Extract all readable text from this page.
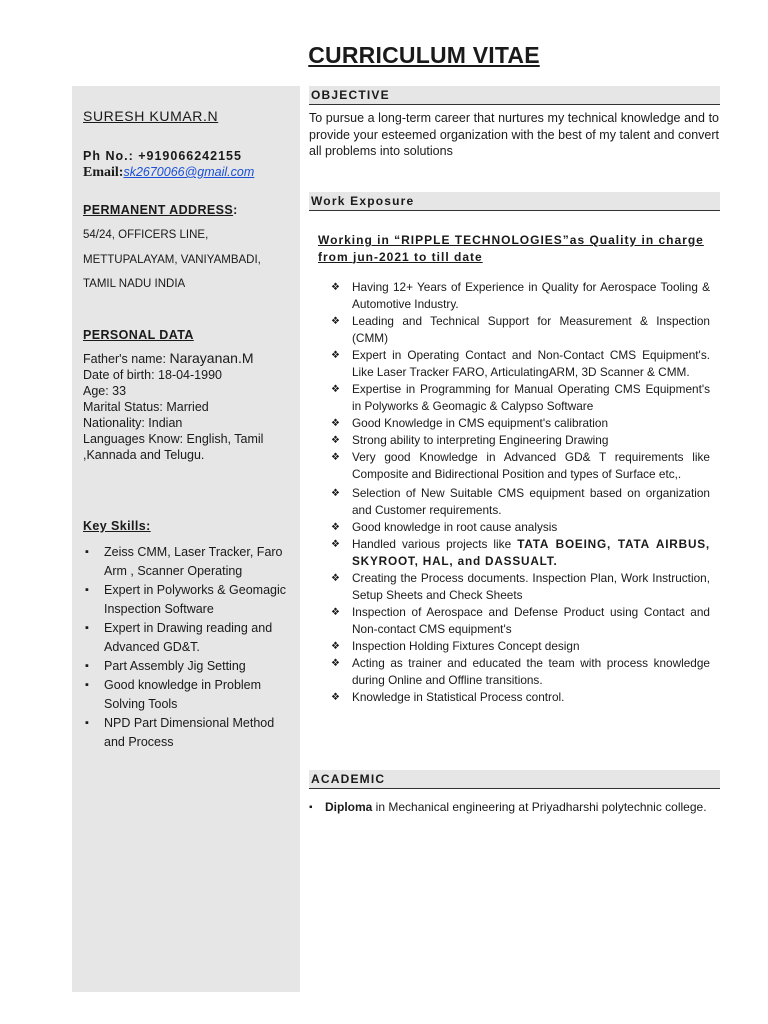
CURRICULUM VITAE
SURESH KUMAR.N
Ph No.: +919066242155
Email:sk2670066@gmail.com
PERMANENT ADDRESS:
54/24, OFFICERS LINE,
METTUPALAYAM, VANIYAMBADI,
TAMIL NADU INDIA
PERSONAL DATA
Father's name: Narayanan.M
Date of birth: 18-04-1990
Age: 33
Marital Status: Married
Nationality: Indian
Languages Know: English, Tamil ,Kannada and Telugu.
Key Skills:
▪ Zeiss CMM, Laser Tracker, Faro Arm , Scanner Operating
▪ Expert in Polyworks & Geomagic Inspection Software
▪ Expert in Drawing reading and Advanced GD&T.
▪ Part Assembly Jig Setting
▪ Good knowledge in Problem Solving Tools
▪ NPD Part Dimensional Method and Process
OBJECTIVE

To pursue a long-term career that nurtures my technical knowledge and to provide your esteemed organization with the best of my talent and convert all problems into solutions

Work Exposure

Working in “RIPPLE TECHNOLOGIES”as Quality in charge from jun-2021 to till date

❖ Having 12+ Years of Experience in Quality for Aerospace Tooling & Automotive Industry.
❖ Leading and Technical Support for Measurement & Inspection (CMM)
❖ Expert in Operating Contact and Non-Contact CMS Equipment's. Like Laser Tracker FARO, ArticulatingARM, 3D Scanner & CMM.
❖ Expertise in Programming for Manual Operating CMS Equipment's in Polyworks & Geomagic & Calypso Software
❖ Good Knowledge in CMS equipment's calibration
❖ Strong ability to interpreting Engineering Drawing
❖ Very good Knowledge in Advanced GD& T requirements like Composite and Bidirectional Position and types of Surface etc,.
❖ Selection of New Suitable CMS equipment based on organization and Customer requirements.
❖ Good knowledge in root cause analysis
❖ Handled various projects like TATA BOEING, TATA AIRBUS, SKYROOT, HAL, and DASSUALT.
❖ Creating the Process documents. Inspection Plan, Work Instruction, Setup Sheets and Check Sheets
❖ Inspection of Aerospace and Defense Product using Contact and Non-contact CMS equipment's
❖ Inspection Holding Fixtures Concept design
❖ Acting as trainer and educated the team with process knowledge during Online and Offline transitions.
❖ Knowledge in Statistical Process control.
ACADEMIC
▪ Diploma in Mechanical engineering at Priyadharshi polytechnic college.
